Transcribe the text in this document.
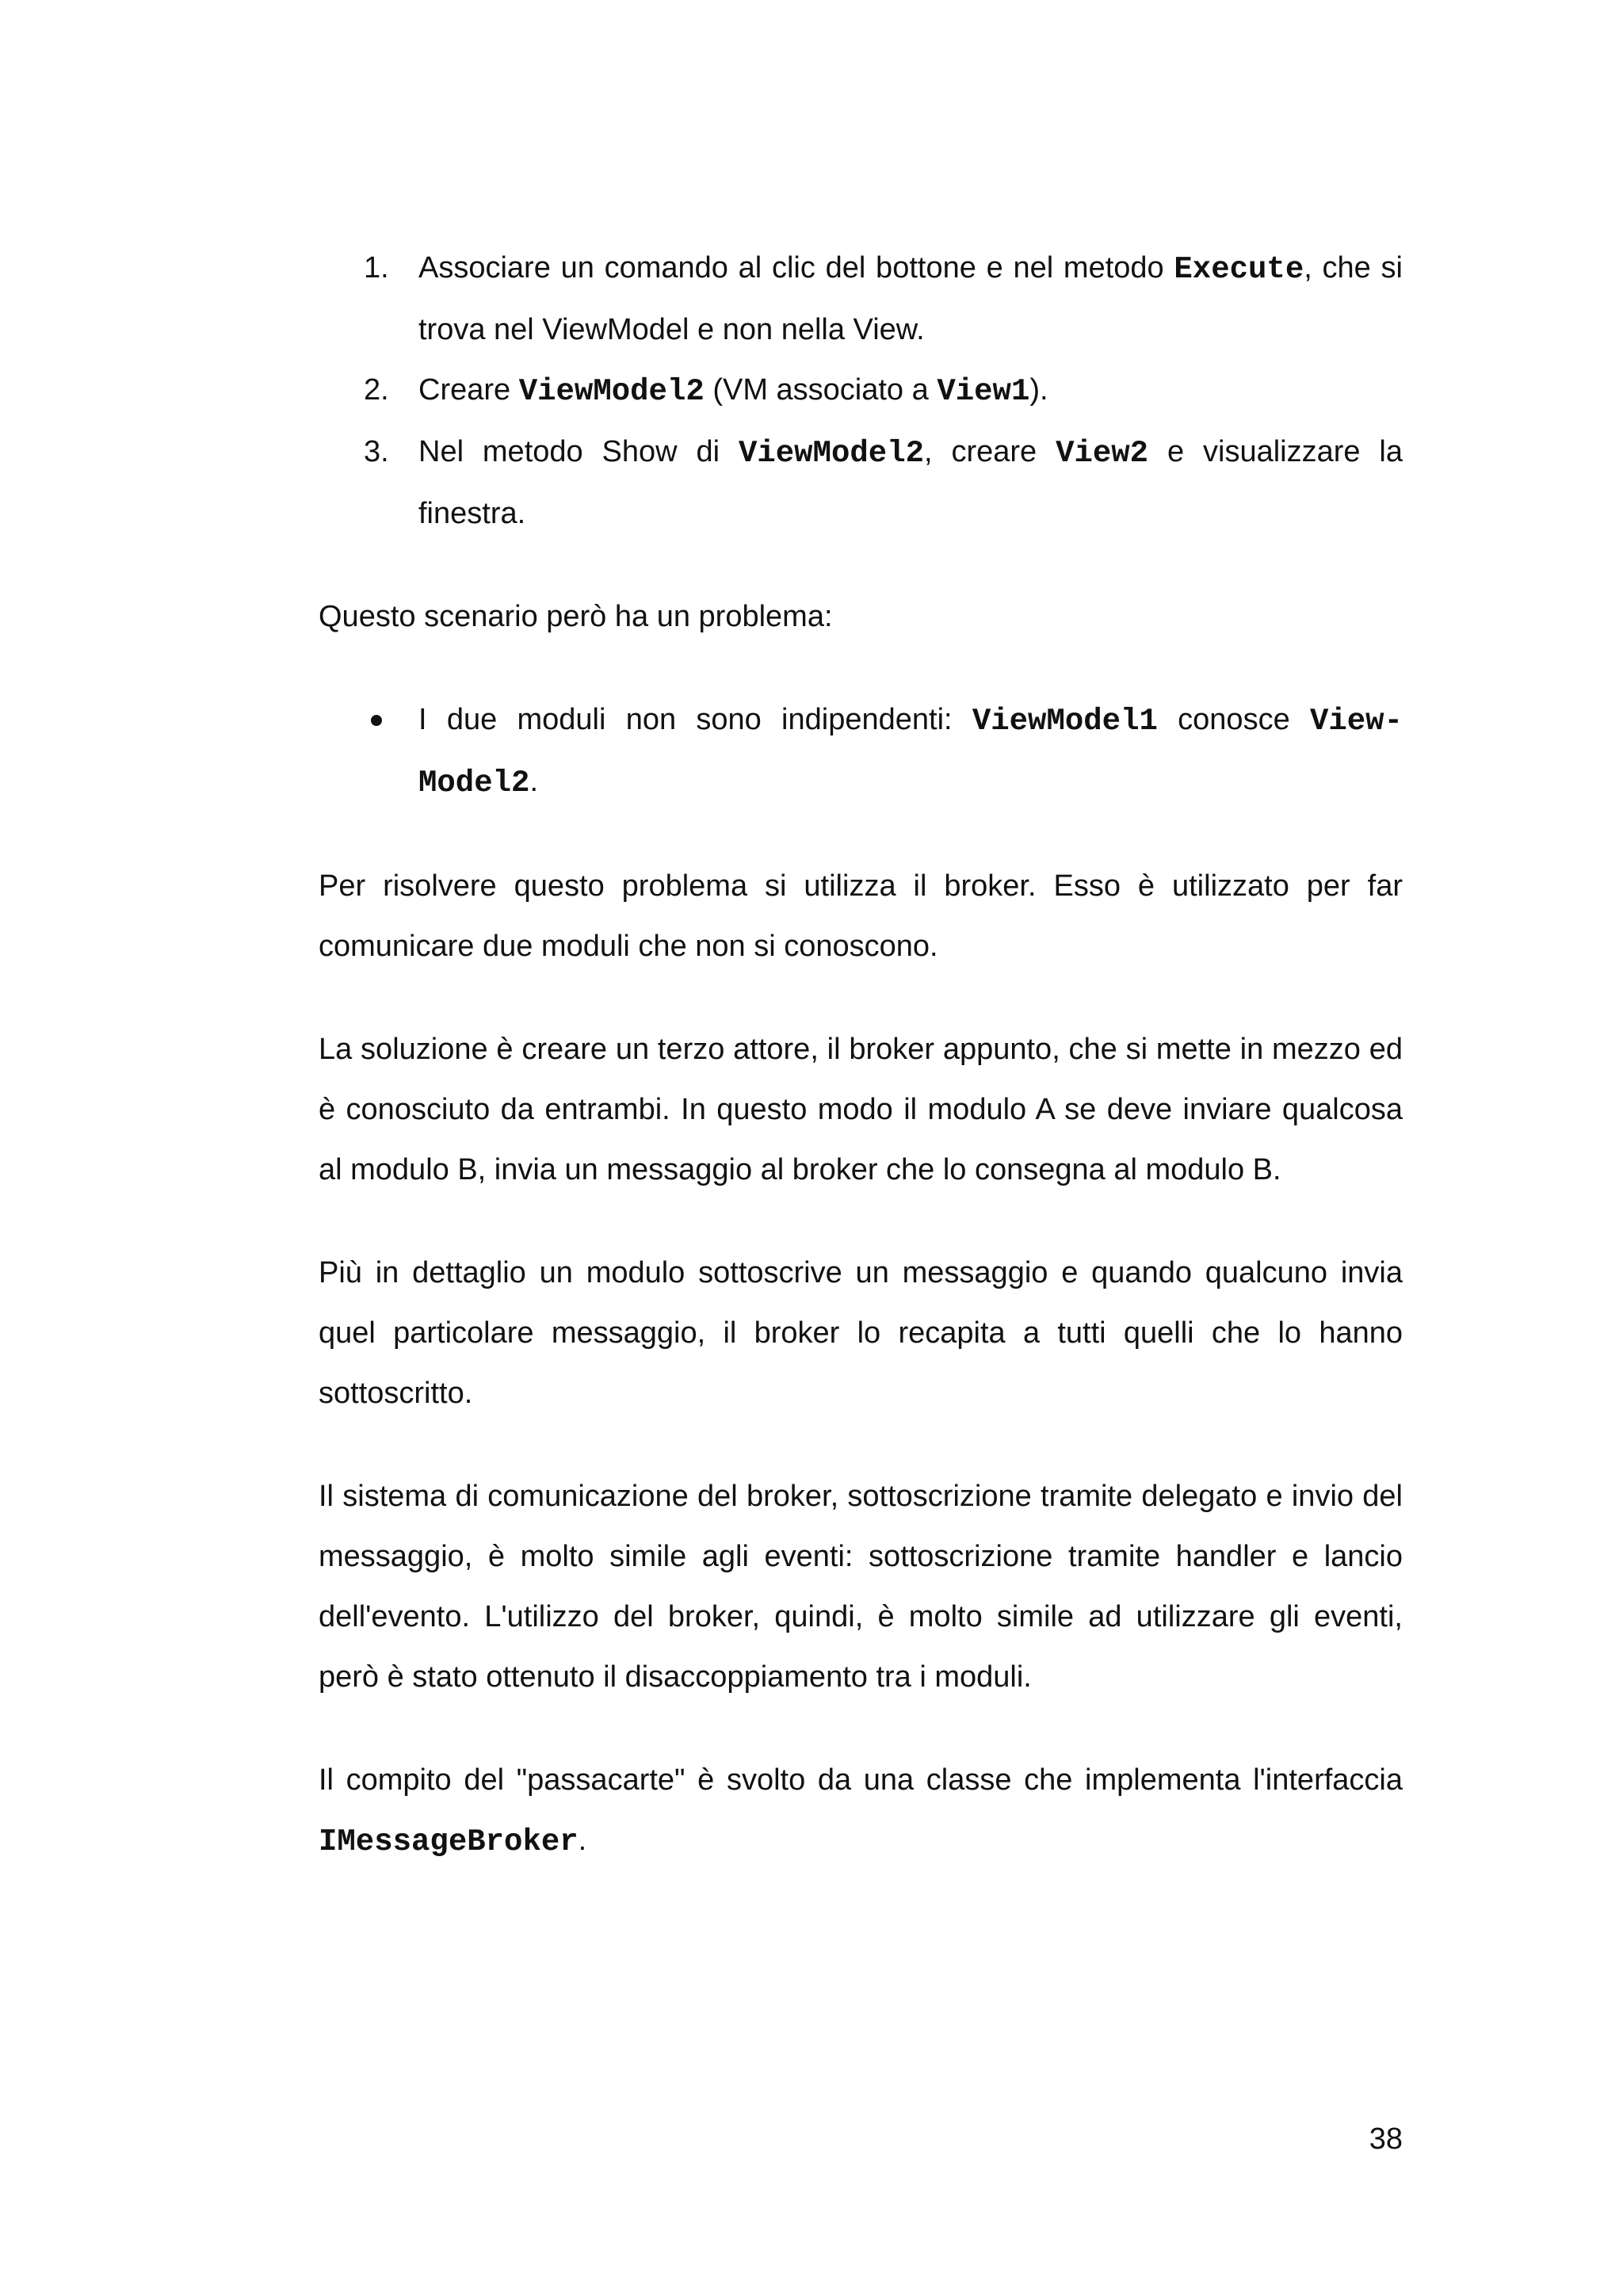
1. Associare un comando al clic del bottone e nel metodo Execute, che si trova nel ViewModel e non nella View.
2. Creare ViewModel2 (VM associato a View1).
3. Nel metodo Show di ViewModel2, creare View2 e visualizzare la finestra.

Questo scenario però ha un problema:

I due moduli non sono indipendenti: ViewModel1 conosce View-Model2.

Per risolvere questo problema si utilizza il broker. Esso è utilizzato per far comunicare due moduli che non si conoscono.

La soluzione è creare un terzo attore, il broker appunto, che si mette in mezzo ed è conosciuto da entrambi. In questo modo il modulo A se deve inviare qualcosa al modulo B, invia un messaggio al broker che lo consegna al modulo B.

Più in dettaglio un modulo sottoscrive un messaggio e quando qualcuno invia quel particolare messaggio, il broker lo recapita a tutti quelli che lo hanno sottoscritto.

Il sistema di comunicazione del broker, sottoscrizione tramite delegato e invio del messaggio, è molto simile agli eventi: sottoscrizione tramite handler e lancio dell'evento. L'utilizzo del broker, quindi, è molto simile ad utilizzare gli eventi, però è stato ottenuto il disaccoppiamento tra i moduli.

Il compito del "passacarte" è svolto da una classe che implementa l'interfaccia IMessageBroker.

38
